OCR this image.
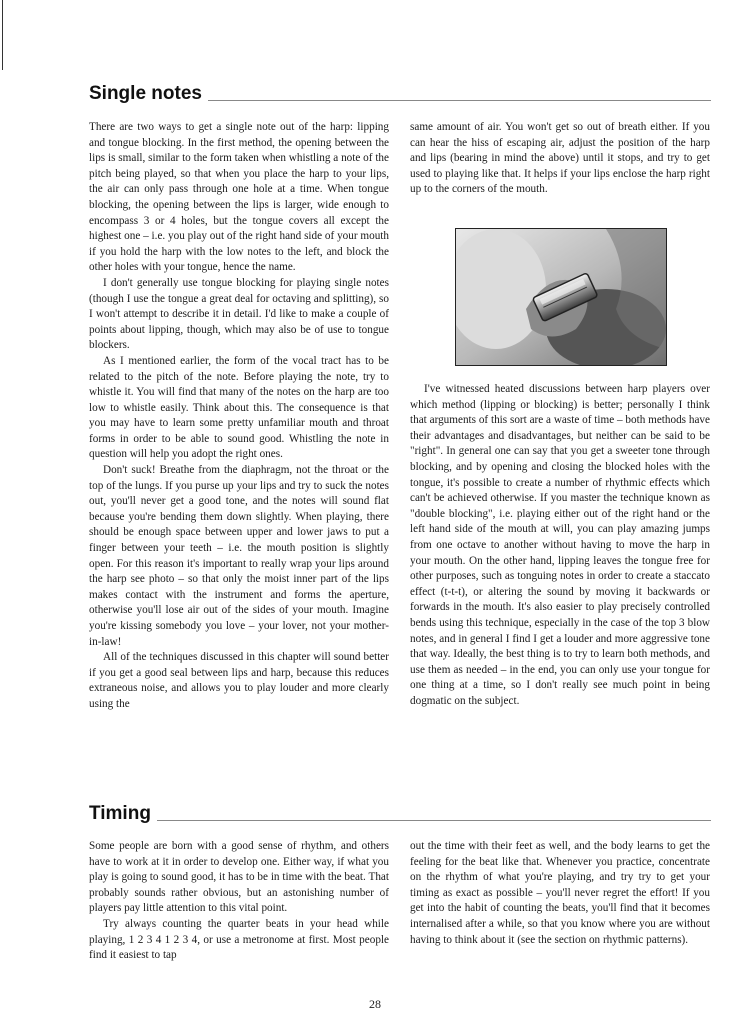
Single notes

There are two ways to get a single note out of the harp: lipping and tongue blocking. In the first method, the opening between the lips is small, similar to the form taken when whistling a note of the pitch being played, so that when you place the harp to your lips, the air can only pass through one hole at a time. When tongue blocking, the opening between the lips is larger, wide enough to encompass 3 or 4 holes, but the tongue covers all except the highest one – i.e. you play out of the right hand side of your mouth if you hold the harp with the low notes to the left, and block the other holes with your tongue, hence the name.

I don't generally use tongue blocking for playing single notes (though I use the tongue a great deal for octaving and splitting), so I won't attempt to describe it in detail. I'd like to make a couple of points about lipping, though, which may also be of use to tongue blockers.

As I mentioned earlier, the form of the vocal tract has to be related to the pitch of the note. Before playing the note, try to whistle it. You will find that many of the notes on the harp are too low to whistle easily. Think about this. The consequence is that you may have to learn some pretty unfamiliar mouth and throat forms in order to be able to sound good. Whistling the note in question will help you adopt the right ones.

Don't suck! Breathe from the diaphragm, not the throat or the top of the lungs. If you purse up your lips and try to suck the notes out, you'll never get a good tone, and the notes will sound flat because you're bending them down slightly. When playing, there should be enough space between upper and lower jaws to put a finger between your teeth – i.e. the mouth position is slightly open. For this reason it's important to really wrap your lips around the harp see photo – so that only the moist inner part of the lips makes contact with the instrument and forms the aperture, otherwise you'll lose air out of the sides of your mouth. Imagine you're kissing somebody you love – your lover, not your mother-in-law!

All of the techniques discussed in this chapter will sound better if you get a good seal between lips and harp, because this reduces extraneous noise, and allows you to play louder and more clearly using the

same amount of air. You won't get so out of breath either. If you can hear the hiss of escaping air, adjust the position of the harp and lips (bearing in mind the above) until it stops, and try to get used to playing like that. It helps if your lips enclose the harp right up to the corners of the mouth.

I've witnessed heated discussions between harp players over which method (lipping or blocking) is better; personally I think that arguments of this sort are a waste of time – both methods have their advantages and disadvantages, but neither can be said to be "right". In general one can say that you get a sweeter tone through blocking, and by opening and closing the blocked holes with the tongue, it's possible to create a number of rhythmic effects which can't be achieved otherwise. If you master the technique known as "double blocking", i.e. playing either out of the right hand or the left hand side of the mouth at will, you can play amazing jumps from one octave to another without having to move the harp in your mouth. On the other hand, lipping leaves the tongue free for other purposes, such as tonguing notes in order to create a staccato effect (t-t-t), or altering the sound by moving it backwards or forwards in the mouth. It's also easier to play precisely controlled bends using this technique, especially in the case of the top 3 blow notes, and in general I find I get a louder and more aggressive tone that way. Ideally, the best thing is to try to learn both methods, and use them as needed – in the end, you can only use your tongue for one thing at a time, so I don't really see much point in being dogmatic on the subject.

Timing

Some people are born with a good sense of rhythm, and others have to work at it in order to develop one. Either way, if what you play is going to sound good, it has to be in time with the beat. That probably sounds rather obvious, but an astonishing number of players pay little attention to this vital point.

Try always counting the quarter beats in your head while playing, 1 2 3 4 1 2 3 4, or use a metronome at first. Most people find it easiest to tap

out the time with their feet as well, and the body learns to get the feeling for the beat like that. Whenever you practice, concentrate on the rhythm of what you're playing, and try try to get your timing as exact as possible – you'll never regret the effort! If you get into the habit of counting the beats, you'll find that it becomes internalised after a while, so that you know where you are without having to think about it (see the section on rhythmic patterns).

28
